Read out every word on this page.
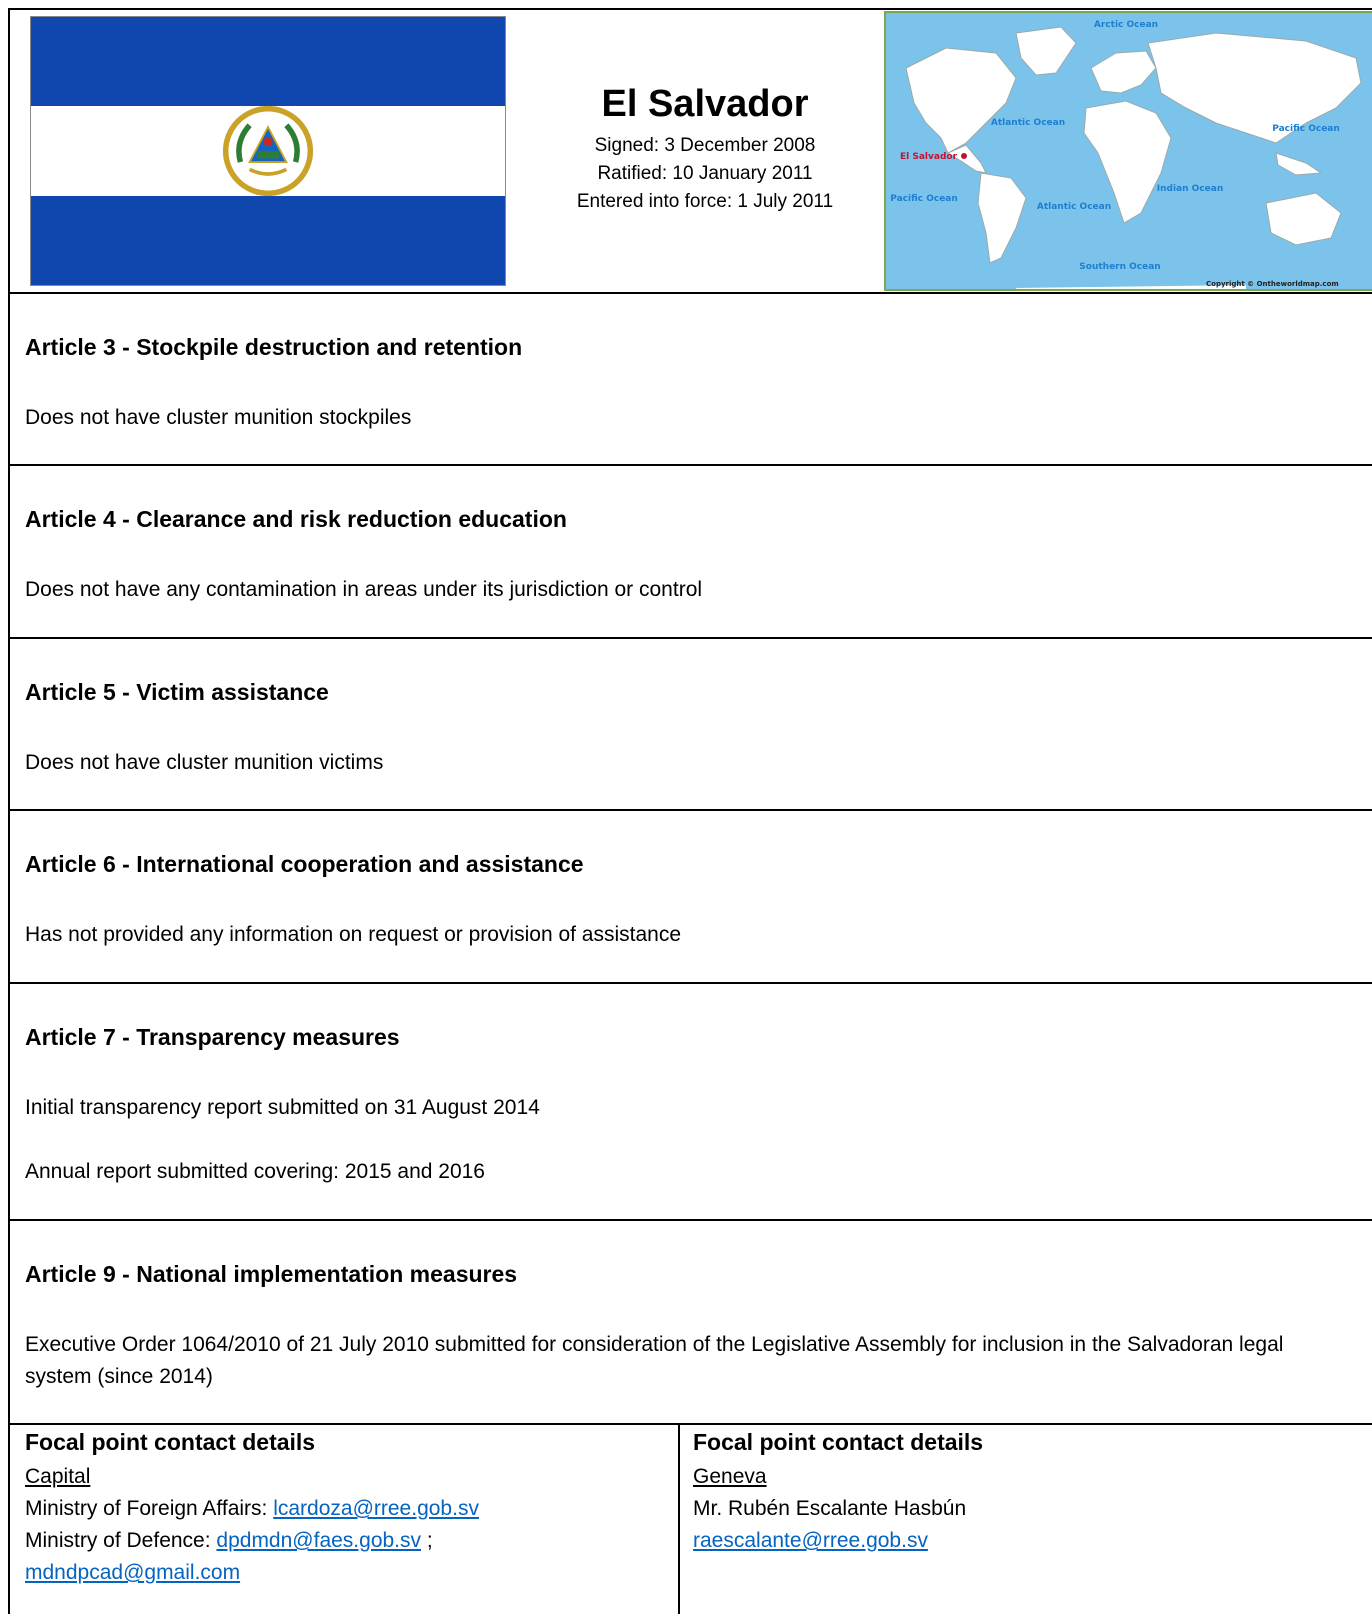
El Salvador
Signed: 3 December 2008
Ratified: 10 January 2011
Entered into force: 1 July 2011
Arctic Ocean
Atlantic Ocean
Pacific Ocean
El Salvador
Pacific Ocean
Indian Ocean
Atlantic Ocean
Southern Ocean
Copyright © Ontheworldmap.com
Article 3 - Stockpile destruction and retention

Does not have cluster munition stockpiles

Article 4 - Clearance and risk reduction education

Does not have any contamination in areas under its jurisdiction or control

Article 5 - Victim assistance

Does not have cluster munition victims

Article 6 - International cooperation and assistance

Has not provided any information on request or provision of assistance

Article 7 - Transparency measures

Initial transparency report submitted on 31 August 2014

Annual report submitted covering: 2015 and 2016

Article 9 - National implementation measures

Executive Order 1064/2010 of 21 July 2010 submitted for consideration of the Legislative Assembly for inclusion in the Salvadoran legal system (since 2014)

Focal point contact details
Capital
Ministry of Foreign Affairs: lcardoza@rree.gob.sv
Ministry of Defence: dpdmdn@faes.gob.sv ;
mdndpcad@gmail.com
Focal point contact details
Geneva
Mr. Rubén Escalante Hasbún
raescalante@rree.gob.sv
